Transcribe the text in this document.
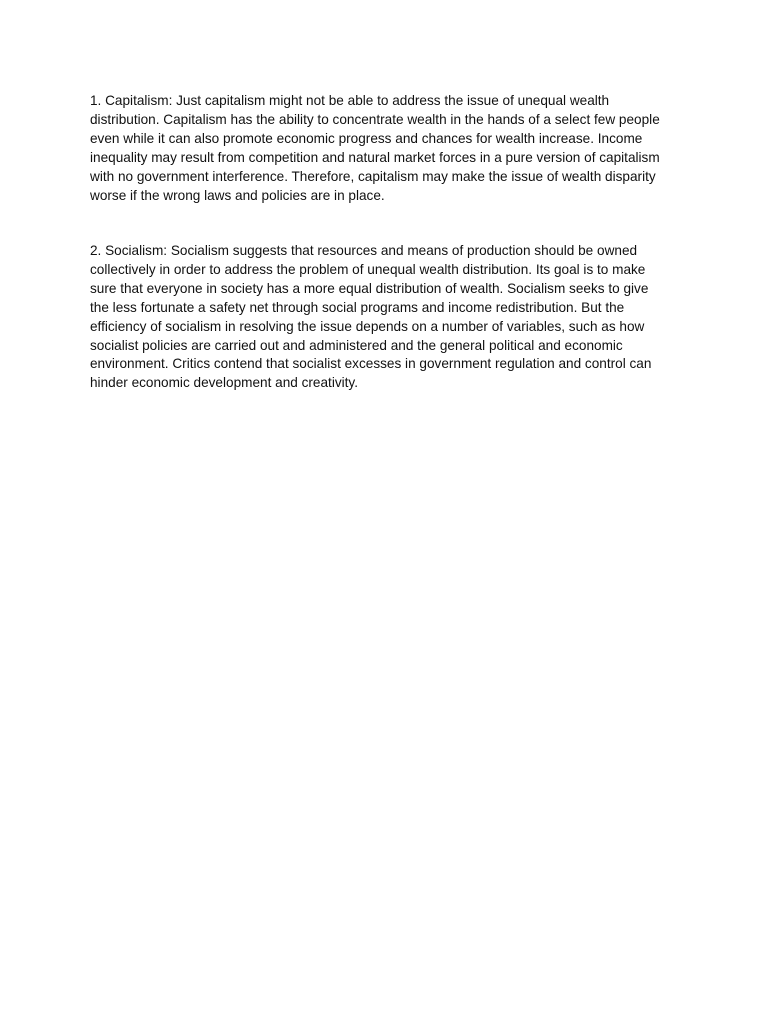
1. Capitalism: Just capitalism might not be able to address the issue of unequal wealth
distribution. Capitalism has the ability to concentrate wealth in the hands of a select few people
even while it can also promote economic progress and chances for wealth increase. Income
inequality may result from competition and natural market forces in a pure version of capitalism
with no government interference. Therefore, capitalism may make the issue of wealth disparity
worse if the wrong laws and policies are in place.

2. Socialism: Socialism suggests that resources and means of production should be owned
collectively in order to address the problem of unequal wealth distribution. Its goal is to make
sure that everyone in society has a more equal distribution of wealth. Socialism seeks to give
the less fortunate a safety net through social programs and income redistribution. But the
efficiency of socialism in resolving the issue depends on a number of variables, such as how
socialist policies are carried out and administered and the general political and economic
environment. Critics contend that socialist excesses in government regulation and control can
hinder economic development and creativity.
